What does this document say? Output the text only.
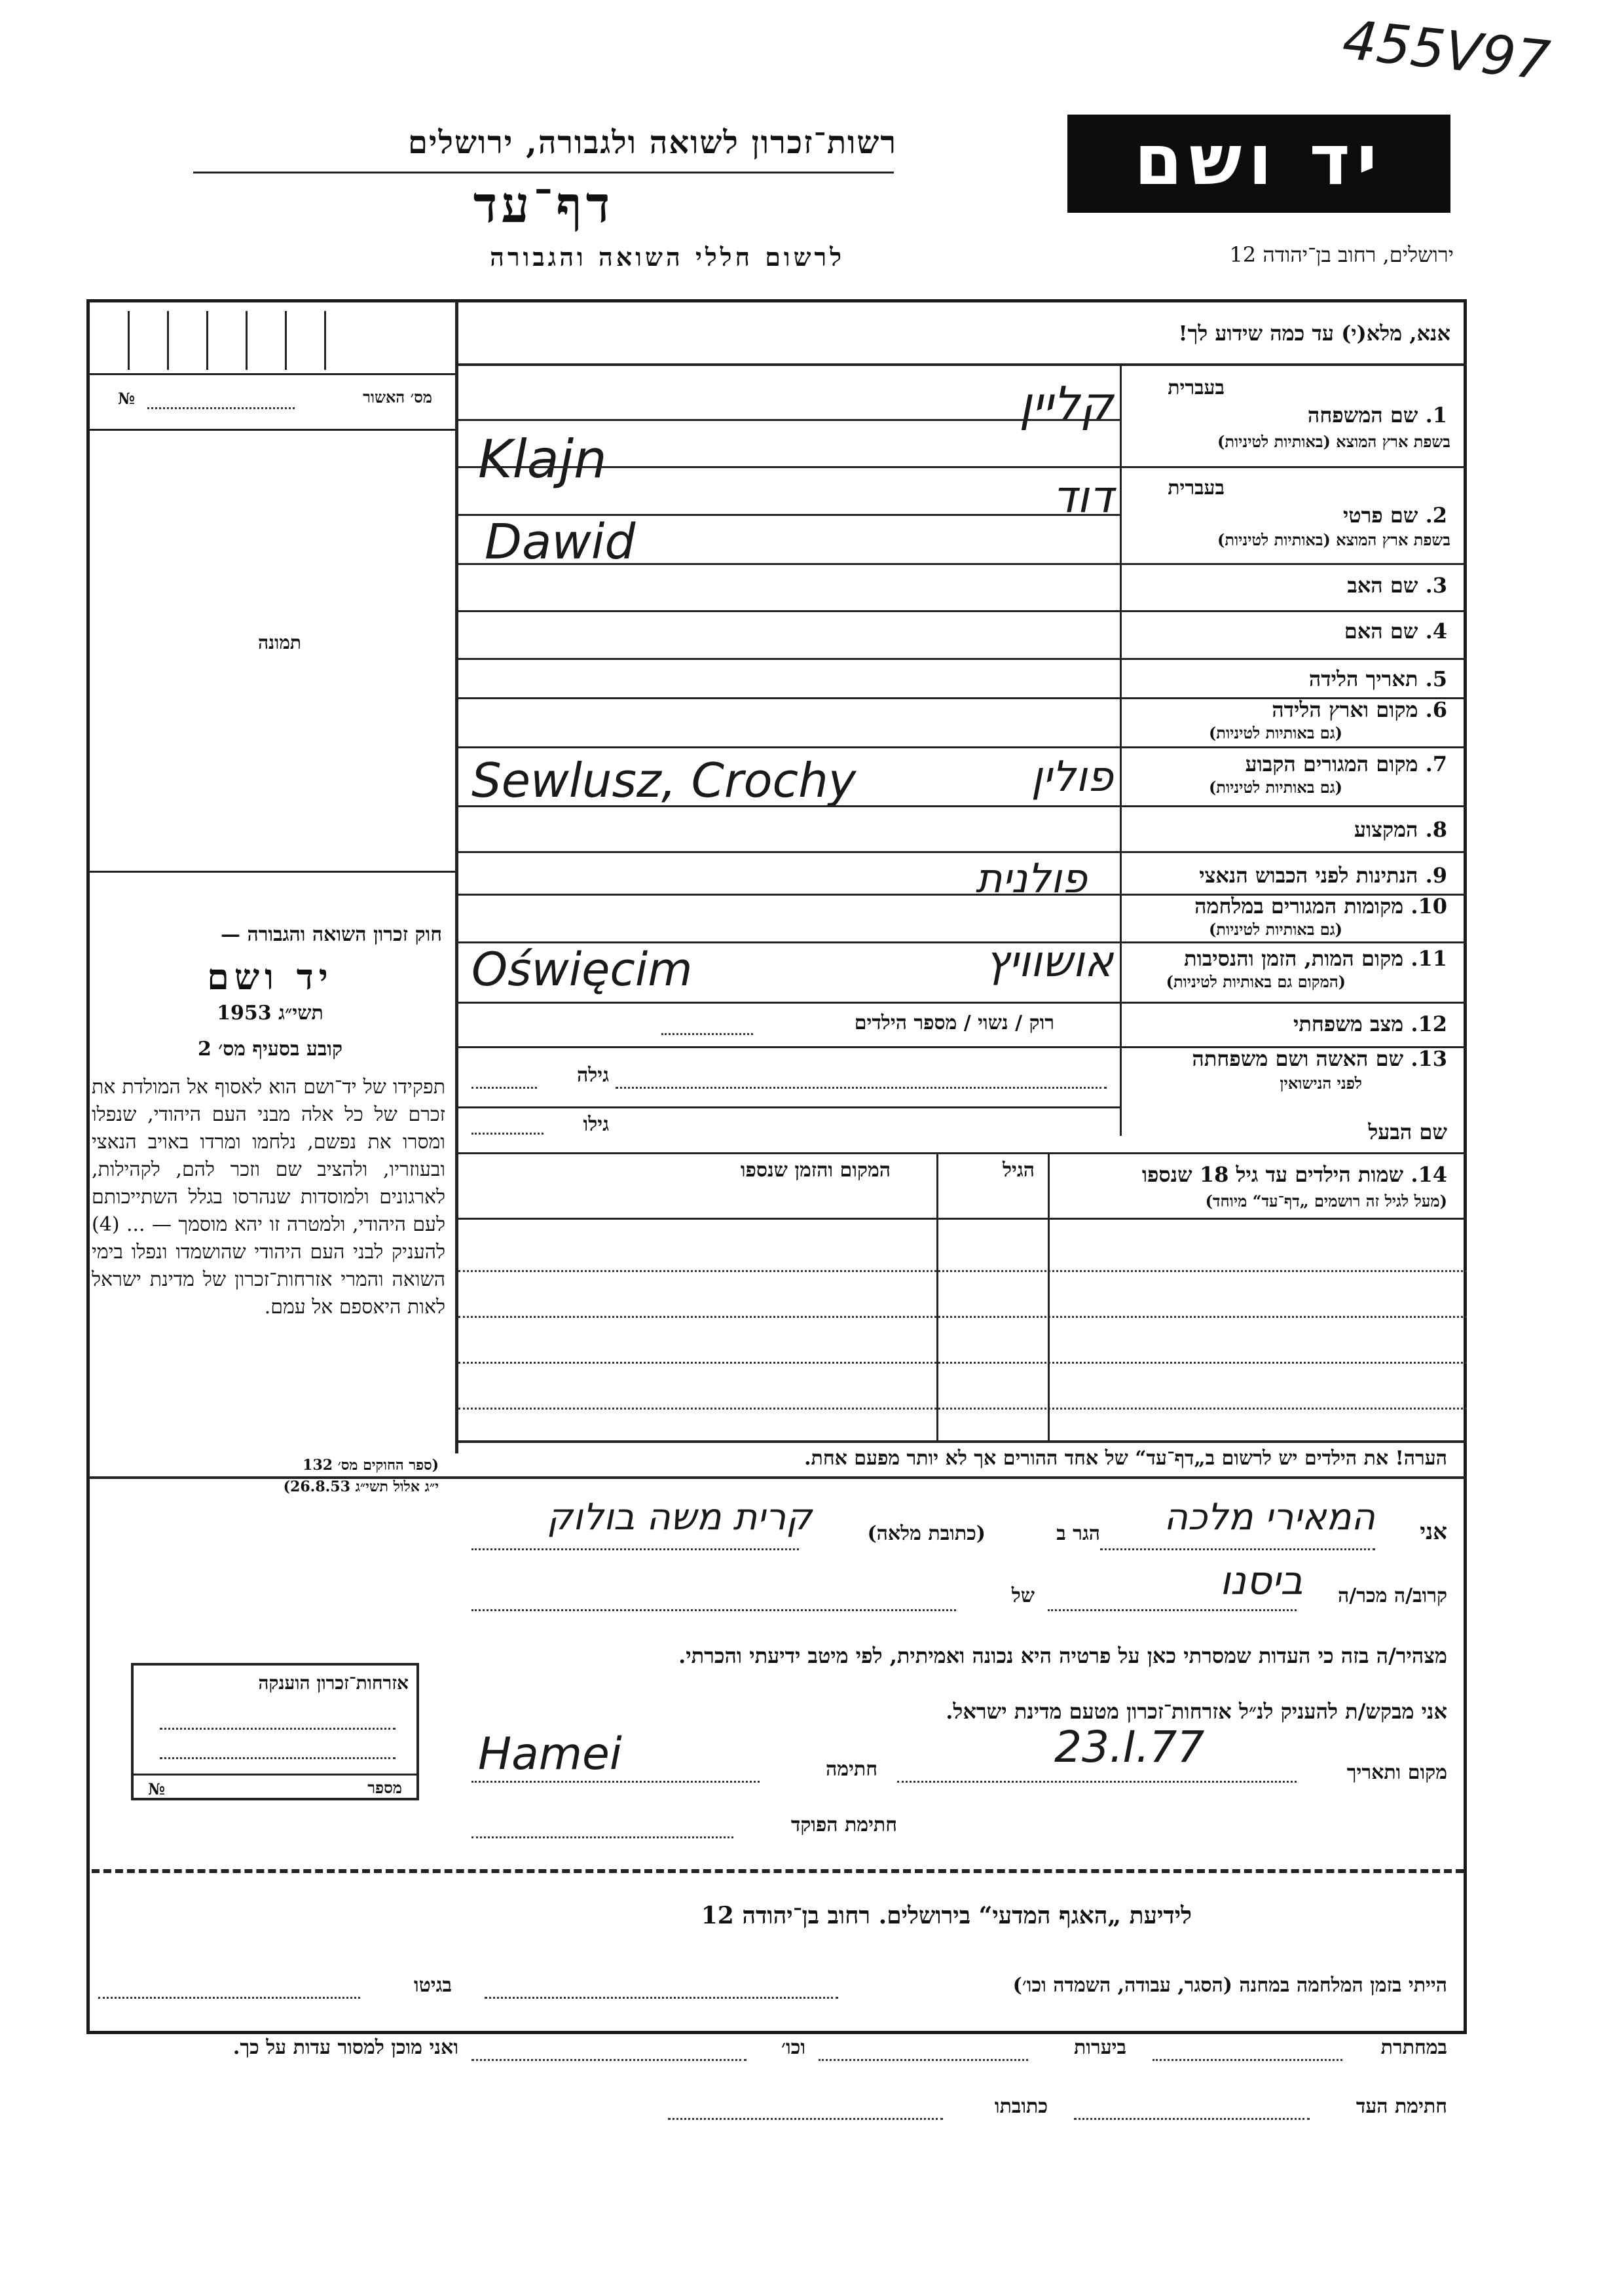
455V97
רשות־זכרון לשואה ולגבורה, ירושלים
דף־עד
לרשום חללי השואה והגבורה
יד ושם
ירושלים, רחוב בן־יהודה 12
מס׳ האשור
№
תמונה
חוק זכרון השואה והגבורה —
יד ושם
תשי״ג 1953
קובע בסעיף מס׳ 2
תפקידו של יד־ושם הוא לאסוף אל המולדת את זכרם של כל אלה מבני העם היהודי, שנפלו ומסרו את נפשם, נלחמו ומרדו באויב הנאצי ובעוזריו, ולהציב שם וזכר להם, לקהילות, לארגונים ולמוסדות שנהרסו בגלל השתייכותם לעם היהודי, ולמטרה זו יהא מוסמך — ... (4) להעניק לבני העם היהודי שהושמדו ונפלו בימי השואה והמרי אזרחות־זכרון של מדינת ישראל לאות היאספם אל עמם.
(ספר החוקים מס׳ 132
י״ג אלול תשי״ג 26.8.53)
אזרחות־זכרון הוענקה
מספר
№
אנא, מלא(י) עד כמה שידוע לך!
בעברית
1. שם המשפחה
בשפת ארץ המוצא (באותיות לטיניות)
קליין
Klajn	בעברית
2. שם פרטי
בשפת ארץ המוצא (באותיות לטיניות)
דוד
Dawid
3. שם האב
4. שם האם
5. תאריך הלידה
6. מקום וארץ הלידה
(גם באותיות לטיניות)
7. מקום המגורים הקבוע
(גם באותיות לטיניות)
פולין
Sewlusz, Crochy
8. המקצוע
9. הנתינות לפני הכבוש הנאצי
פולנית
10. מקומות המגורים במלחמה
(גם באותיות לטיניות)
11. מקום המות, הזמן והנסיבות
(המקום גם באותיות לטיניות)
אושוויץ
Oświęcim
12. מצב משפחתי
רוק / נשוי / מספר הילדים
13. שם האשה ושם משפחתה
לפני הנישואין
גילה
גילו	שם הבעל
14. שמות הילדים עד גיל 18 שנספו
(מעל לגיל זה רושמים „דף־עד“ מיוחד)
הגיל
המקום והזמן שנספו
הערה! את הילדים יש לרשום ב„דף־עד“ של אחד ההורים אך לא יותר מפעם אחת.
אני
המאירי מלכה
הגר ב
(כתובת מלאה)
קרית משה בולוק
קרוב/ה מכר/ה
ביסנו
של
מצהיר/ה בזה כי העדות שמסרתי כאן על פרטיה היא נכונה ואמיתית, לפי מיטב ידיעתי והכרתי.
אני מבקש/ת להעניק לנ״ל אזרחות־זכרון מטעם מדינת ישראל.
מקום ותאריך
23.I.77
חתימה
Hamei
חתימת הפוקד
לידיעת „האגף המדעי“ בירושלים. רחוב בן־יהודה 12
הייתי בזמן המלחמה במחנה (הסגר, עבודה, השמדה וכו׳)
בגיטו
במחתרת
ביערות
וכו׳
ואני מוכן למסור עדות על כך.
חתימת העד
כתובתו
